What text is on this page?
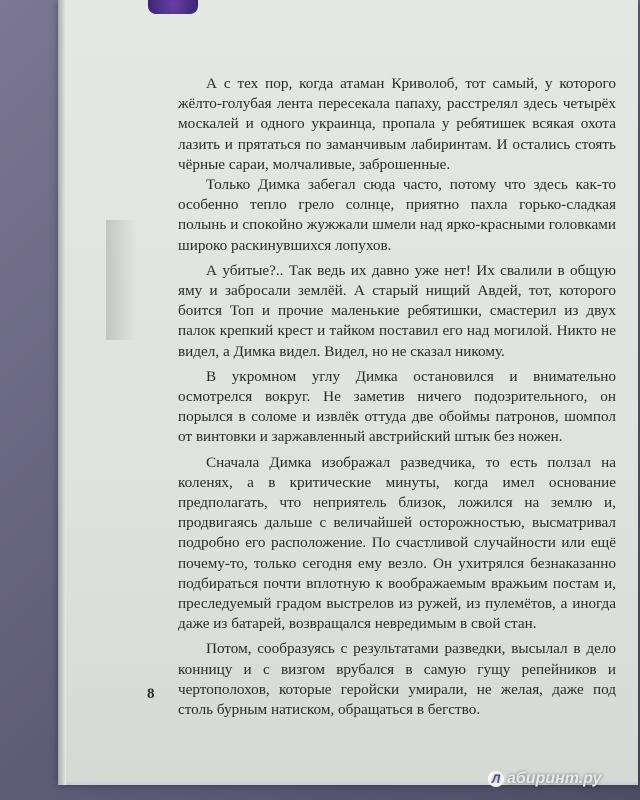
А с тех пор, когда атаман Криволоб, тот самый, у которого жёлто-голубая лента пересекала папаху, расстрелял здесь четырёх москалей и одного украинца, пропала у ребятишек всякая охота лазить и прятаться по заманчивым лабиринтам. И остались стоять чёрные сараи, молчаливые, заброшенные.

Только Димка забегал сюда часто, потому что здесь как-то особенно тепло грело солнце, приятно пахла горько-сладкая полынь и спокойно жужжали шмели над ярко-красными головками широко раскинувшихся лопухов.

А убитые?.. Так ведь их давно уже нет! Их свалили в общую яму и забросали землёй. А старый нищий Авдей, тот, которого боится Топ и прочие маленькие ребятишки, смастерил из двух палок крепкий крест и тайком поставил его над могилой. Никто не видел, а Димка видел. Видел, но не сказал никому.

В укромном углу Димка остановился и внимательно осмотрелся вокруг. Не заметив ничего подозрительного, он порылся в соломе и извлёк оттуда две обоймы патронов, шомпол от винтовки и заржавленный австрийский штык без ножен.

Сначала Димка изображал разведчика, то есть ползал на коленях, а в критические минуты, когда имел основание предполагать, что неприятель близок, ложился на землю и, продвигаясь дальше с величайшей осторожностью, высматривал подробно его расположение. По счастливой случайности или ещё почему-то, только сегодня ему везло. Он ухитрялся безнаказанно подбираться почти вплотную к воображаемым вражьим постам и, преследуемый градом выстрелов из ружей, из пулемётов, а иногда даже из батарей, возвращался невредимым в свой стан.

Потом, сообразуясь с результатами разведки, высылал в дело конницу и с визгом врубался в самую гущу репейников и чертополохов, которые геройски умирали, не желая, даже под столь бурным натиском, обращаться в бегство.

8
Л абиринт.ру
